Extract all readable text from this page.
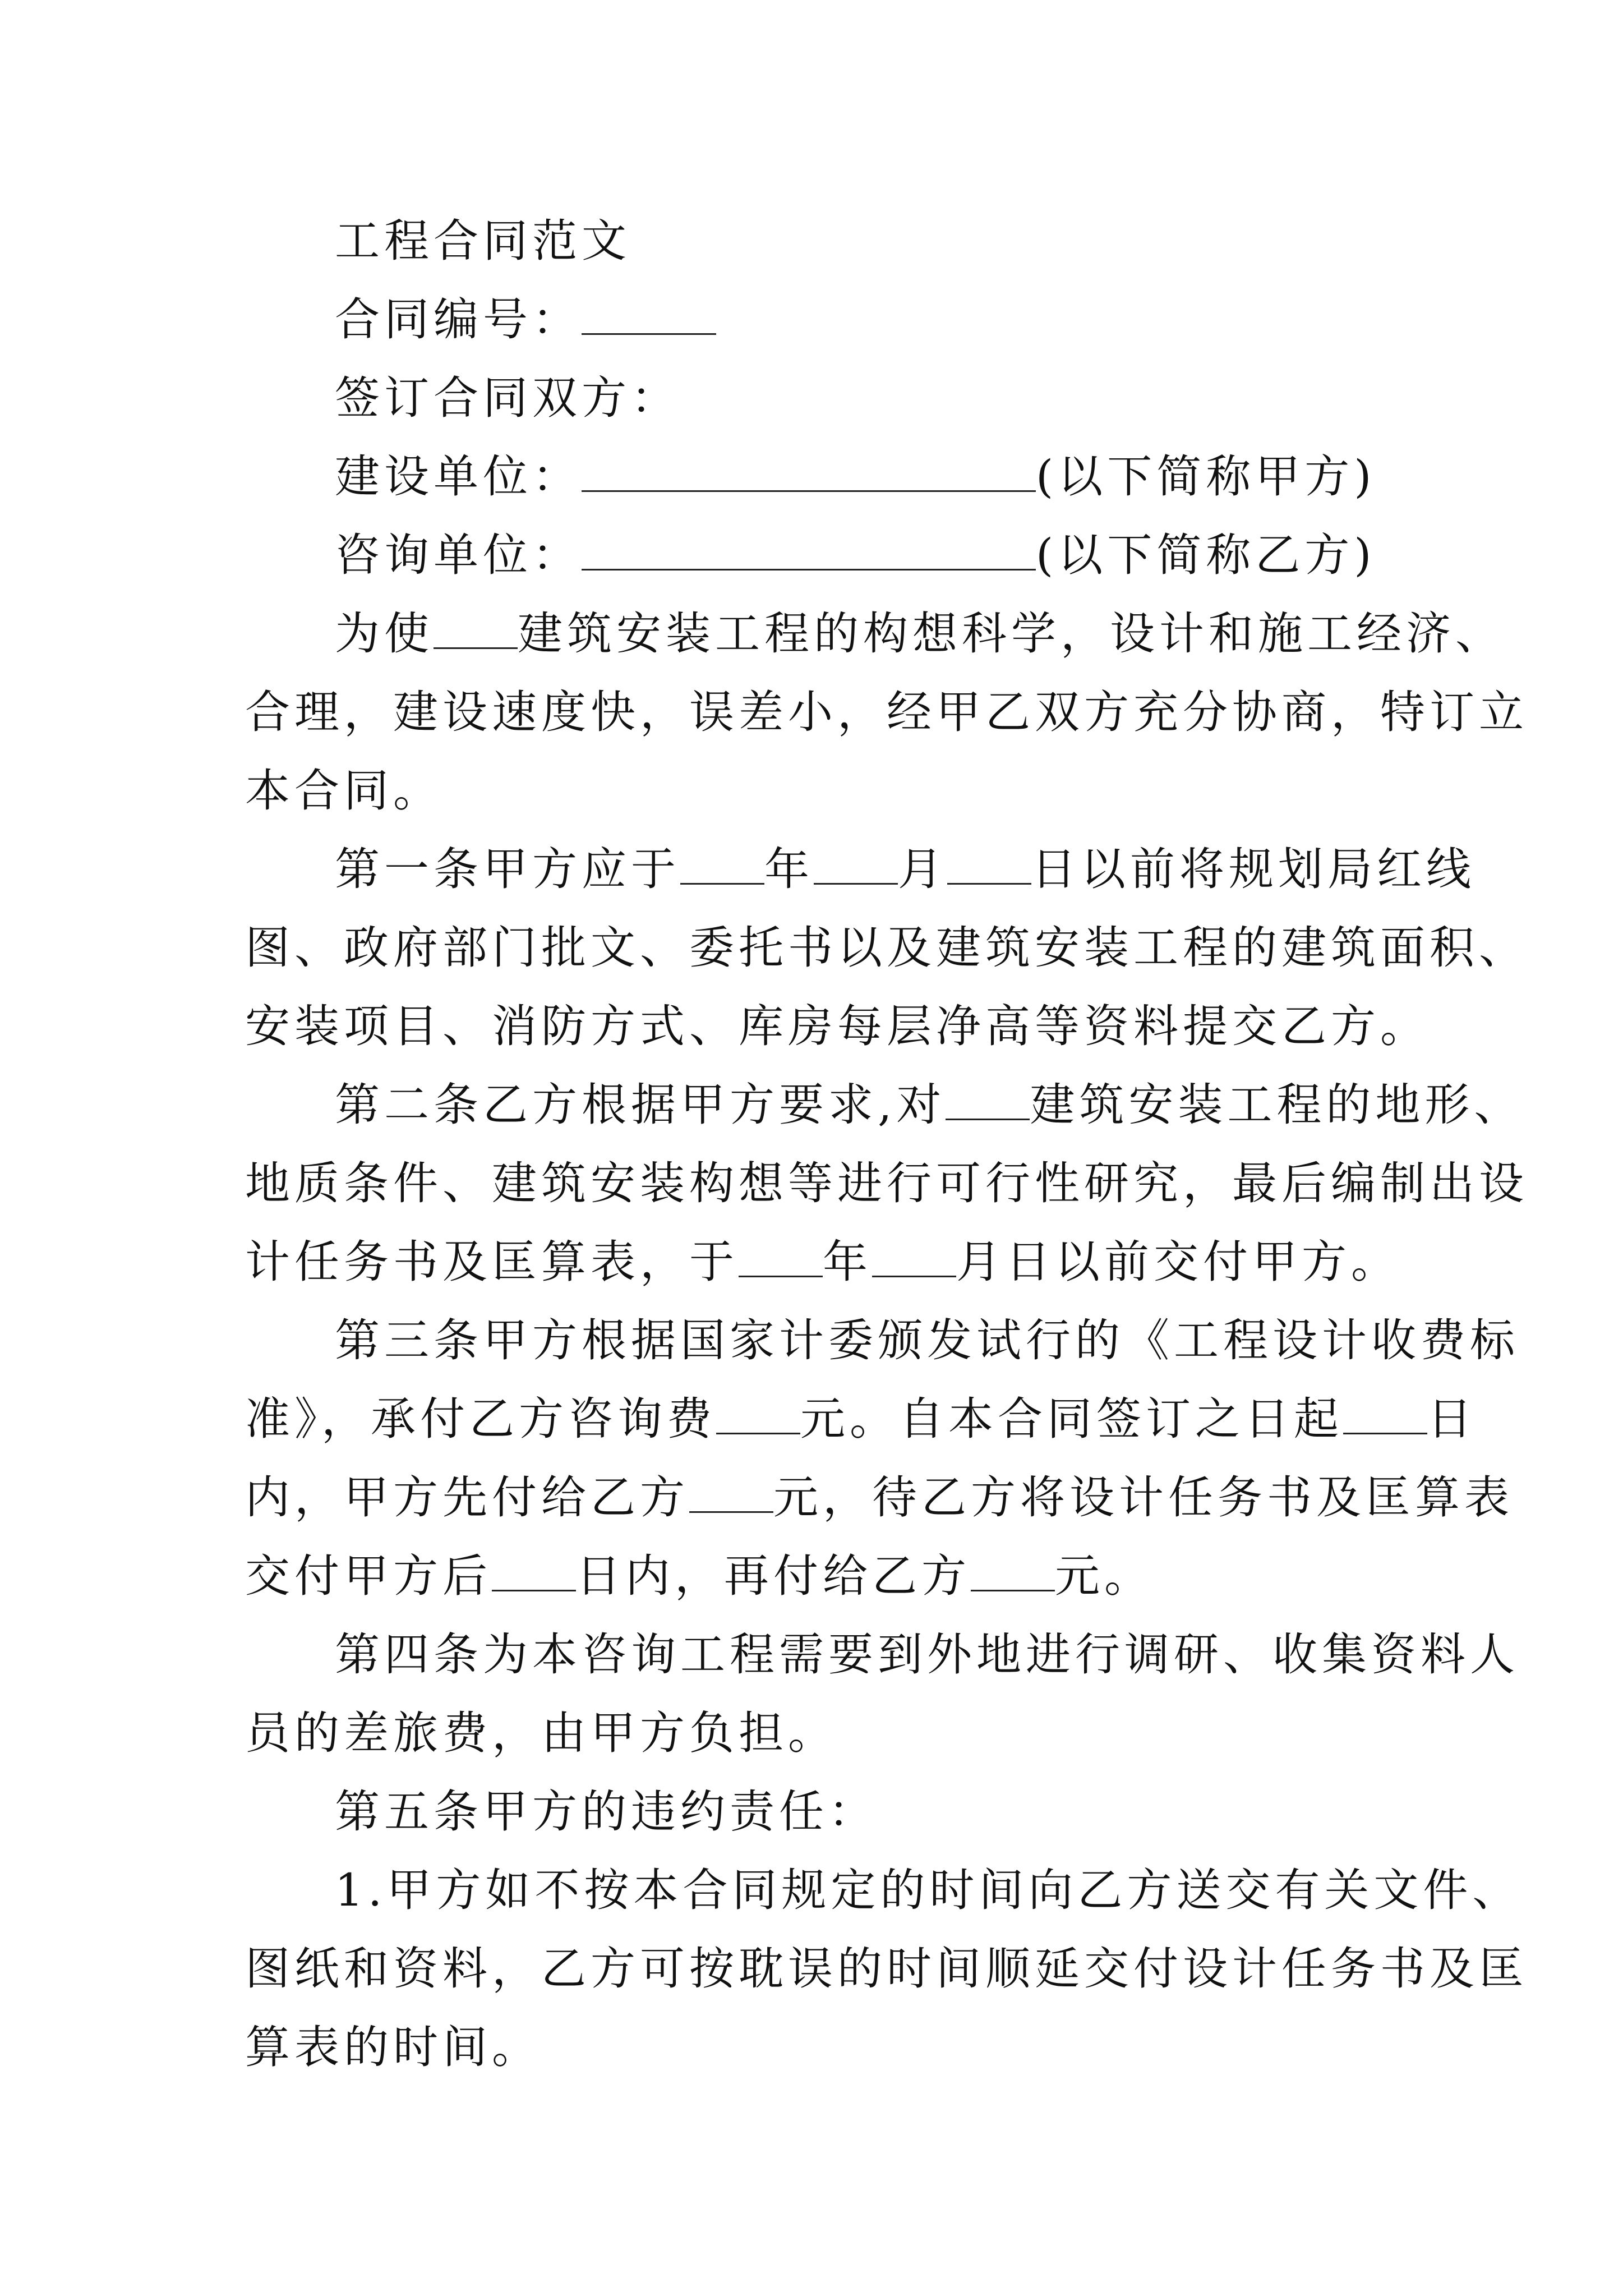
工程合同范文
合同编号：
签订合同双方：
建设单位：	(以下简称甲方)
咨询单位：	(以下简称乙方)
为使 建筑安装工程的构想科学，设计和施工经济、
合理，建设速度快，误差小，经甲乙双方充分协商，特订立
本合同。
第一条甲方应于 年 月 日以前将规划局红线
图、政府部门批文、委托书以及建筑安装工程的建筑面积、
安装项目、消防方式、库房每层净高等资料提交乙方。
第二条乙方根据甲方要求,对 建筑安装工程的地形、
地质条件、建筑安装构想等进行可行性研究，最后编制出设
计任务书及匡算表，于 年 月日以前交付甲方。
第三条甲方根据国家计委颁发试行的《工程设计收费标
准》，承付乙方咨询费 元。自本合同签订之日起 日
内，甲方先付给乙方 元，待乙方将设计任务书及匡算表
交付甲方后 日内，再付给乙方 元。
第四条为本咨询工程需要到外地进行调研、收集资料人
员的差旅费，由甲方负担。
第五条甲方的违约责任：
1.甲方如不按本合同规定的时间向乙方送交有关文件、
图纸和资料，乙方可按耽误的时间顺延交付设计任务书及匡
算表的时间。
